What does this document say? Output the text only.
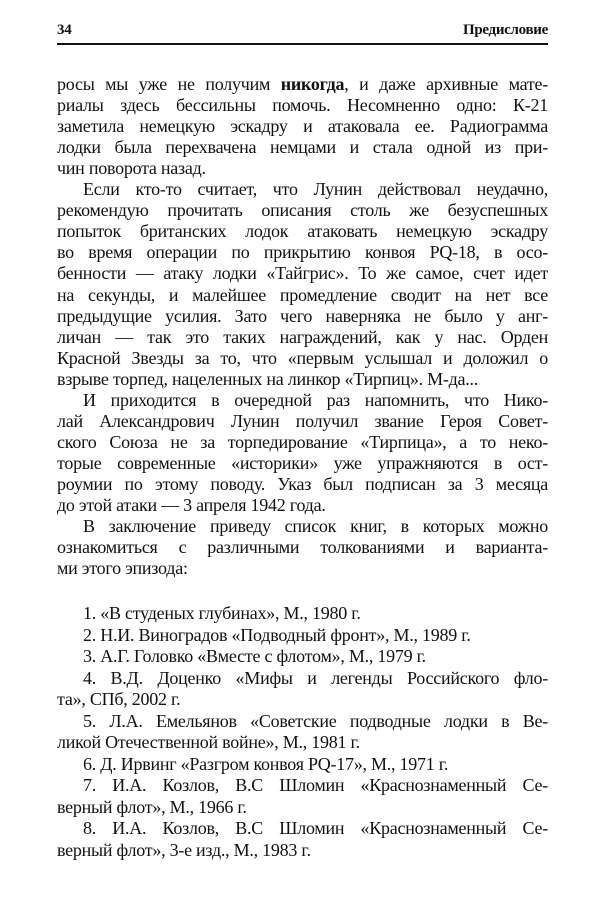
34	Предисловие
росы мы уже не получим никогда, и даже архивные мате-
риалы здесь бессильны помочь. Несомненно одно: К-21
заметила немецкую эскадру и атаковала ее. Радиограмма
лодки была перехвачена немцами и стала одной из при-
чин поворота назад.
Если кто-то считает, что Лунин действовал неудачно,
рекомендую прочитать описания столь же безуспешных
попыток британских лодок атаковать немецкую эскадру
во время операции по прикрытию конвоя PQ-18, в осо-
бенности — атаку лодки «Тайгрис». То же самое, счет идет
на секунды, и малейшее промедление сводит на нет все
предыдущие усилия. Зато чего наверняка не было у анг-
личан — так это таких награждений, как у нас. Орден
Красной Звезды за то, что «первым услышал и доложил о
взрыве торпед, нацеленных на линкор «Тирпиц». М-да...
И приходится в очередной раз напомнить, что Нико-
лай Александрович Лунин получил звание Героя Совет-
ского Союза не за торпедирование «Тирпица», а то неко-
торые современные «историки» уже упражняются в ост-
роумии по этому поводу. Указ был подписан за 3 месяца
до этой атаки — 3 апреля 1942 года.
В заключение приведу список книг, в которых можно
ознакомиться с различными толкованиями и варианта-
ми этого эпизода:
1. «В студеных глубинах», М., 1980 г.
2. Н.И. Виноградов «Подводный фронт», М., 1989 г.
3. А.Г. Головко «Вместе с флотом», М., 1979 г.
4. В.Д. Доценко «Мифы и легенды Российского фло-
та», СПб, 2002 г.
5. Л.А. Емельянов «Советские подводные лодки в Ве-
ликой Отечественной войне», М., 1981 г.
6. Д. Ирвинг «Разгром конвоя PQ-17», М., 1971 г.
7. И.А. Козлов, В.С Шломин «Краснознаменный Се-
верный флот», М., 1966 г.
8. И.А. Козлов, В.С Шломин «Краснознаменный Се-
верный флот», 3-е изд., М., 1983 г.
